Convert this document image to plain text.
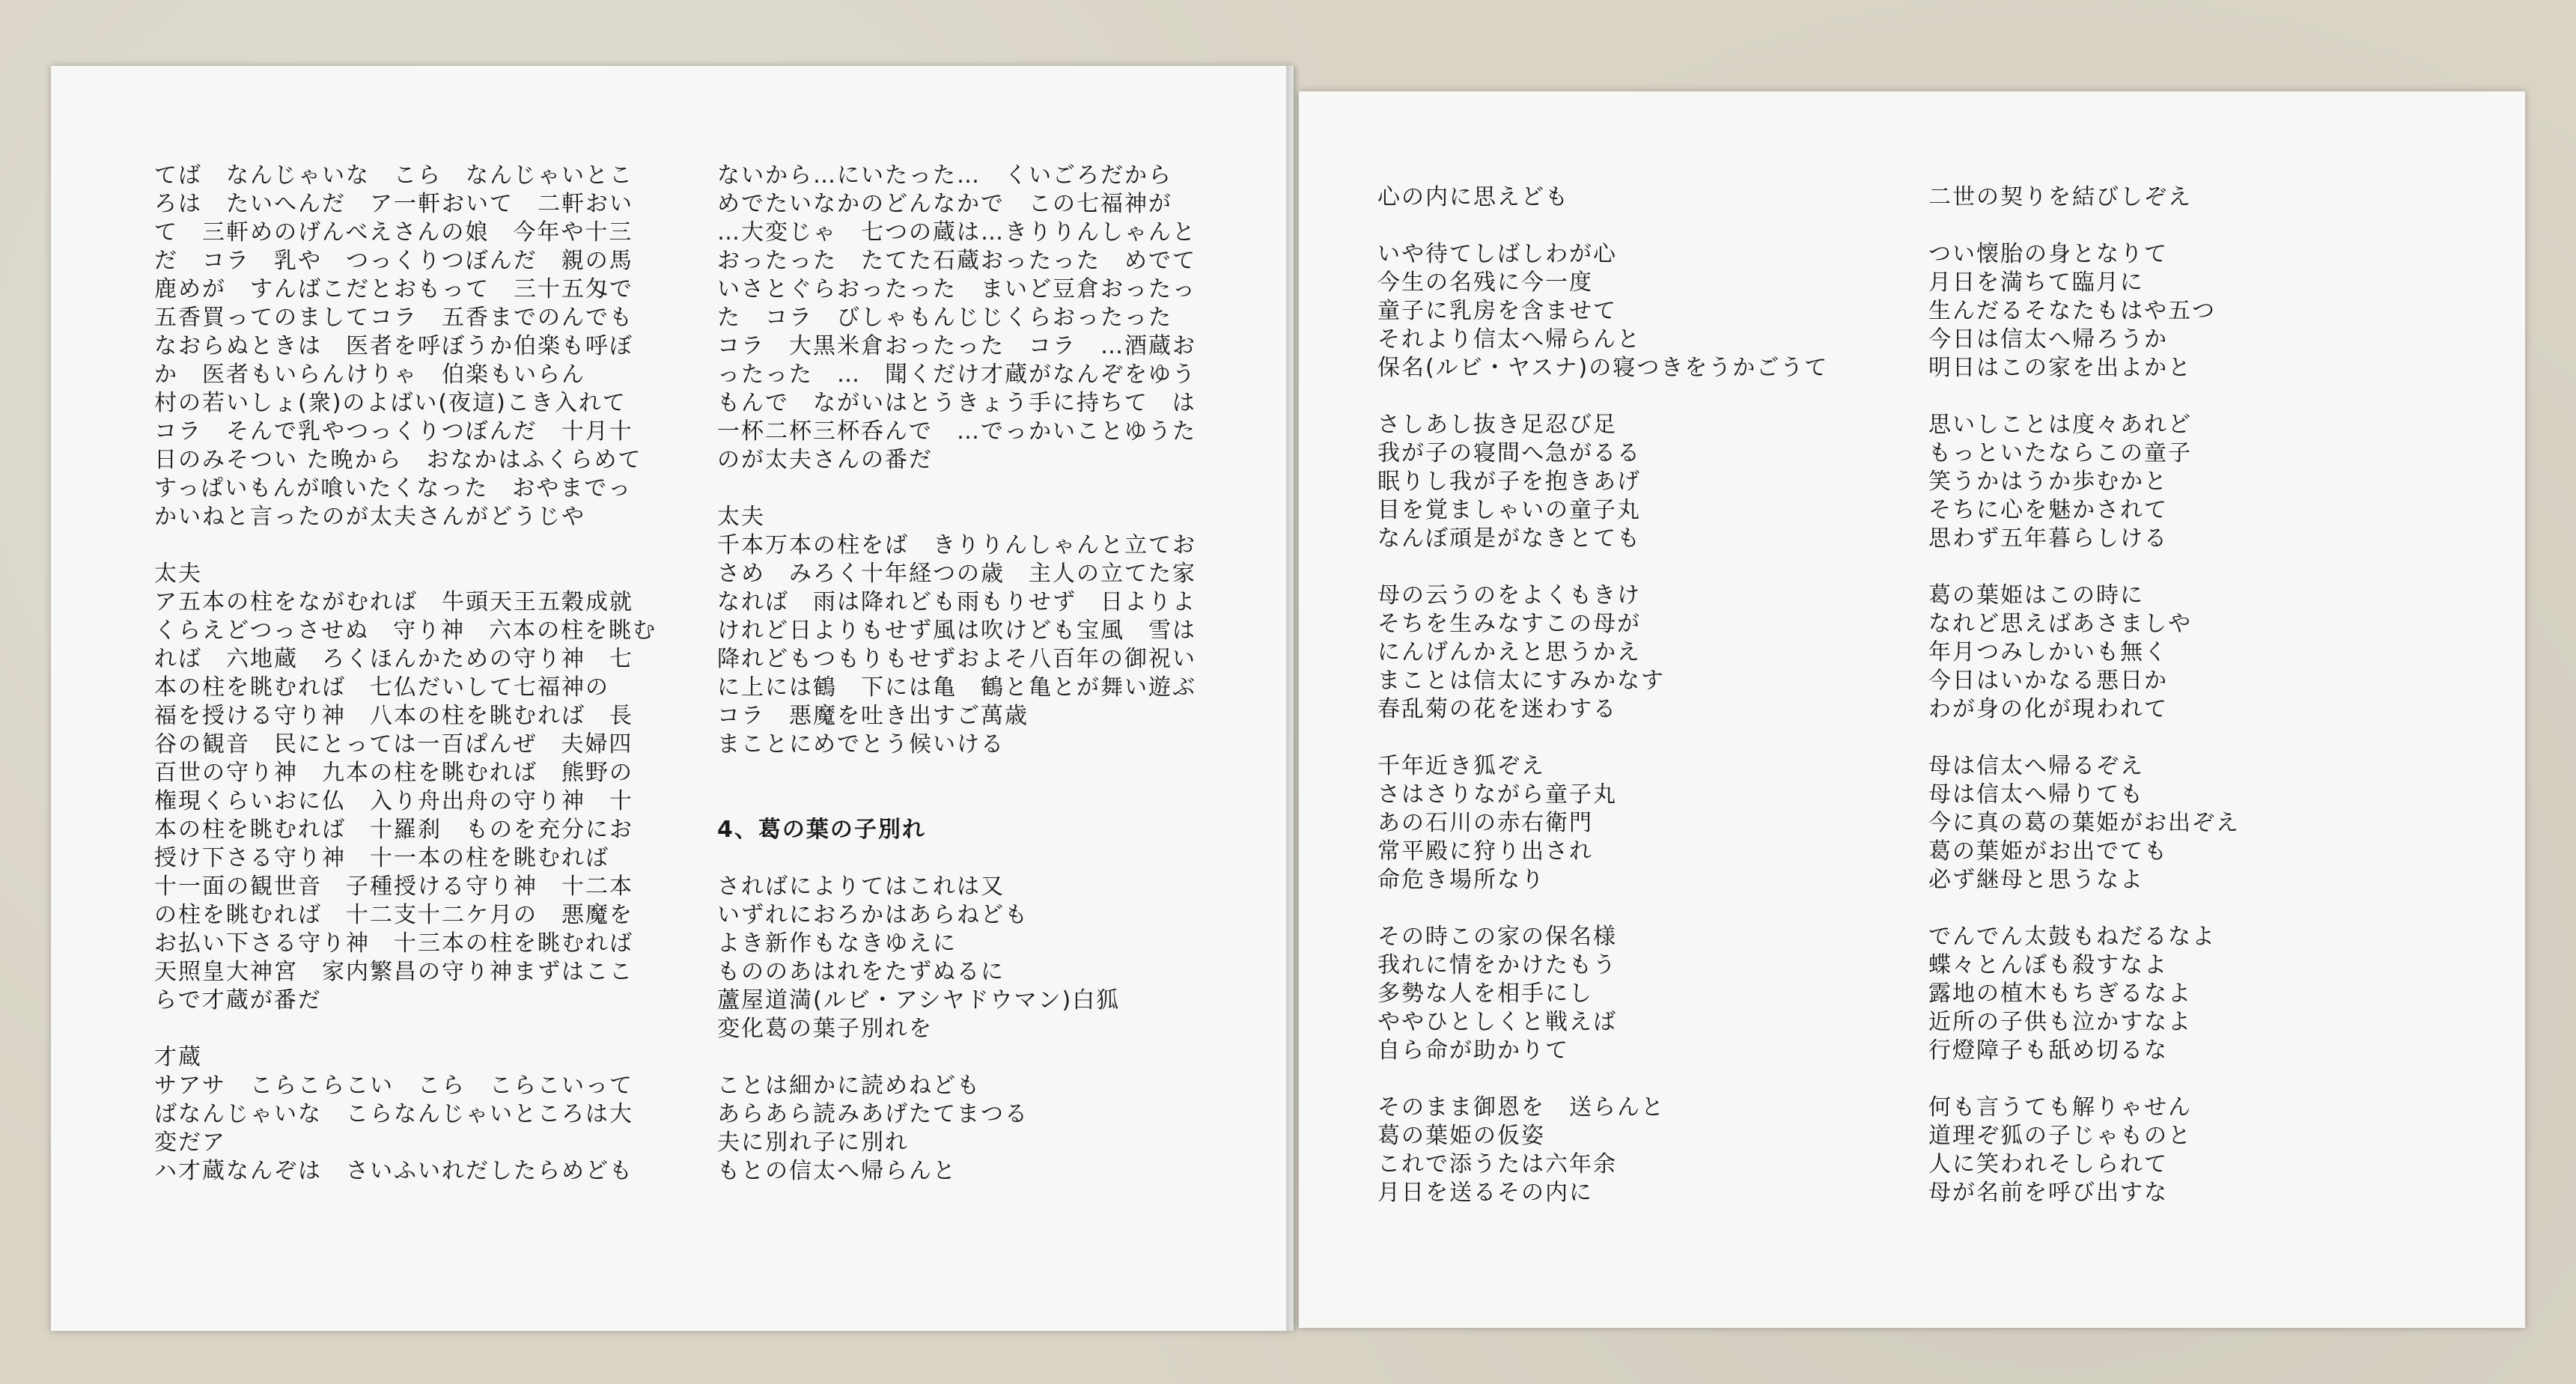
てば　なんじゃいな　こら　なんじゃいとこ
ろは　たいへんだ　ア一軒おいて　二軒おい
て　三軒めのげんべえさんの娘　今年や十三
だ　コラ　乳や　つっくりつぼんだ　親の馬
鹿めが　すんばこだとおもって　三十五匁で
五香買ってのましてコラ　五香までのんでも
なおらぬときは　医者を呼ぼうか伯楽も呼ぼ
か　医者もいらんけりゃ　伯楽もいらん
村の若いしょ(衆)のよばい(夜這)こき入れて
コラ　そんで乳やつっくりつぼんだ　十月十
日のみそつい た晩から　おなかはふくらめて
すっぱいもんが喰いたくなった　おやまでっ
かいねと言ったのが太夫さんがどうじや
太夫
ア五本の柱をながむれば　牛頭天王五穀成就
くらえどつっさせぬ　守り神　六本の柱を眺む
れば　六地蔵　ろくほんかための守り神　七
本の柱を眺むれば　七仏だいして七福神の
福を授ける守り神　八本の柱を眺むれば　長
谷の観音　民にとっては一百ぱんぜ　夫婦四
百世の守り神　九本の柱を眺むれば　熊野の
権現くらいおに仏　入り舟出舟の守り神　十
本の柱を眺むれば　十羅刹　ものを充分にお
授け下さる守り神　十一本の柱を眺むれば
十一面の観世音　子種授ける守り神　十二本
の柱を眺むれば　十二支十二ケ月の　悪魔を
お払い下さる守り神　十三本の柱を眺むれば
天照皇大神宮　家内繁昌の守り神まずはここ
らで才蔵が番だ
才蔵
サアサ　こらこらこい　こら　こらこいって
ばなんじゃいな　こらなんじゃいところは大
変だア
ハ才蔵なんぞは　さいふいれだしたらめども
ないから…にいたった…　くいごろだから
めでたいなかのどんなかで　この七福神が
…大変じゃ　七つの蔵は…きりりんしゃんと
おったった　たてた石蔵おったった　めでて
いさとぐらおったった　まいど豆倉おったっ
た　コラ　びしゃもんじじくらおったった
コラ　大黒米倉おったった　コラ　…酒蔵お
ったった　…　聞くだけ才蔵がなんぞをゆう
もんで　ながいはとうきょう手に持ちて　は
一杯二杯三杯呑んで　…でっかいことゆうた
のが太夫さんの番だ
太夫
千本万本の柱をば　きりりんしゃんと立てお
さめ　みろく十年経つの歳　主人の立てた家
なれば　雨は降れども雨もりせず　日よりよ
けれど日よりもせず風は吹けども宝風　雪は
降れどもつもりもせずおよそ八百年の御祝い
に上には鶴　下には亀　鶴と亀とが舞い遊ぶ
コラ　悪魔を吐き出すご萬歳
まことにめでとう候いける
4、葛の葉の子別れ
さればによりてはこれは又
いずれにおろかはあらねども
よき新作もなきゆえに
もののあはれをたずぬるに
蘆屋道満(ルビ・アシヤドウマン)白狐
変化葛の葉子別れを
ことは細かに読めねども
あらあら読みあげたてまつる
夫に別れ子に別れ
もとの信太へ帰らんと
心の内に思えども
いや待てしばしわが心
今生の名残に今一度
童子に乳房を含ませて
それより信太へ帰らんと
保名(ルビ・ヤスナ)の寝つきをうかごうて
さしあし抜き足忍び足
我が子の寝間へ急がるる
眠りし我が子を抱きあげ
目を覚ましゃいの童子丸
なんぼ頑是がなきとても
母の云うのをよくもきけ
そちを生みなすこの母が
にんげんかえと思うかえ
まことは信太にすみかなす
春乱菊の花を迷わする
千年近き狐ぞえ
さはさりながら童子丸
あの石川の赤右衛門
常平殿に狩り出され
命危き場所なり
その時この家の保名様
我れに情をかけたもう
多勢な人を相手にし
ややひとしくと戦えば
自ら命が助かりて
そのまま御恩を　送らんと
葛の葉姫の仮姿
これで添うたは六年余
月日を送るその内に
二世の契りを結びしぞえ
つい懐胎の身となりて
月日を満ちて臨月に
生んだるそなたもはや五つ
今日は信太へ帰ろうか
明日はこの家を出よかと
思いしことは度々あれど
もっといたならこの童子
笑うかはうか歩むかと
そちに心を魅かされて
思わず五年暮らしける
葛の葉姫はこの時に
なれど思えばあさましや
年月つみしかいも無く
今日はいかなる悪日か
わが身の化が現われて
母は信太へ帰るぞえ
母は信太へ帰りても
今に真の葛の葉姫がお出ぞえ
葛の葉姫がお出でても
必ず継母と思うなよ
でんでん太鼓もねだるなよ
蝶々とんぼも殺すなよ
露地の植木もちぎるなよ
近所の子供も泣かすなよ
行燈障子も舐め切るな
何も言うても解りゃせん
道理ぞ狐の子じゃものと
人に笑われそしられて
母が名前を呼び出すな
